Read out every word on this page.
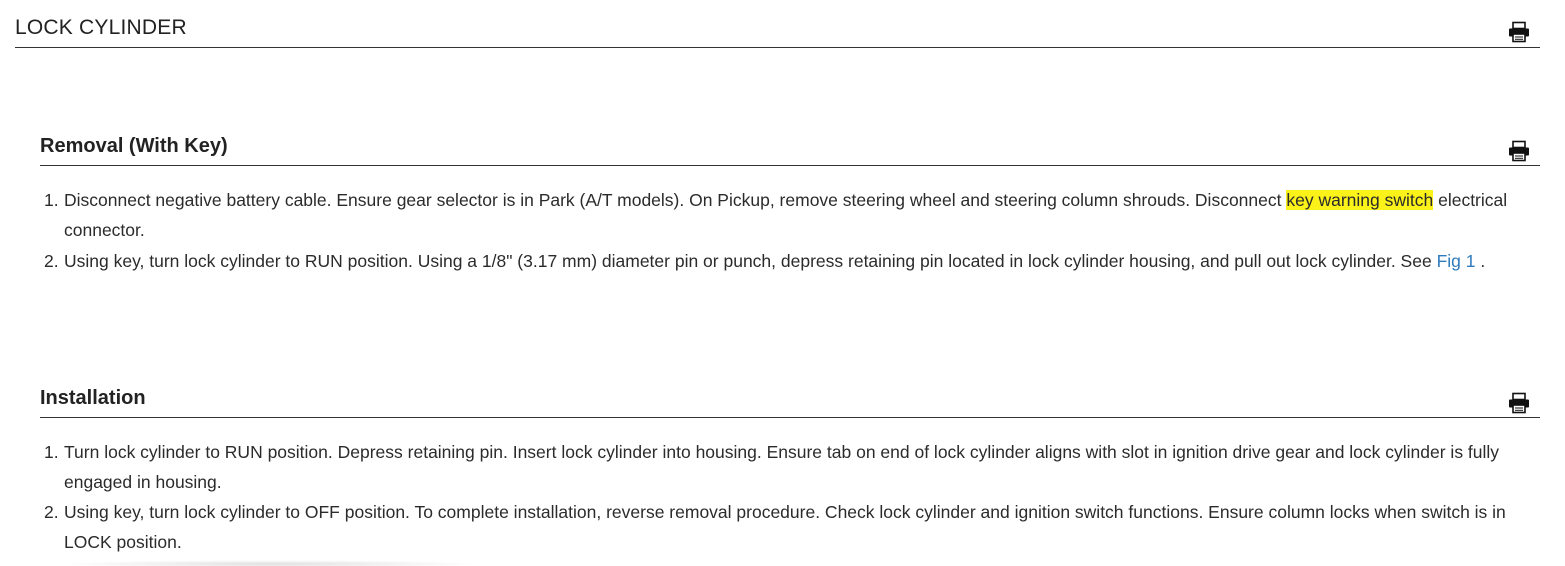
LOCK CYLINDER
Removal (With Key)
1. Disconnect negative battery cable. Ensure gear selector is in Park (A/T models). On Pickup, remove steering wheel and steering column shrouds. Disconnect key warning switch electrical connector.
2. Using key, turn lock cylinder to RUN position. Using a 1/8" (3.17 mm) diameter pin or punch, depress retaining pin located in lock cylinder housing, and pull out lock cylinder. See Fig 1 .
Installation
1. Turn lock cylinder to RUN position. Depress retaining pin. Insert lock cylinder into housing. Ensure tab on end of lock cylinder aligns with slot in ignition drive gear and lock cylinder is fully engaged in housing.
2. Using key, turn lock cylinder to OFF position. To complete installation, reverse removal procedure. Check lock cylinder and ignition switch functions. Ensure column locks when switch is in LOCK position.
